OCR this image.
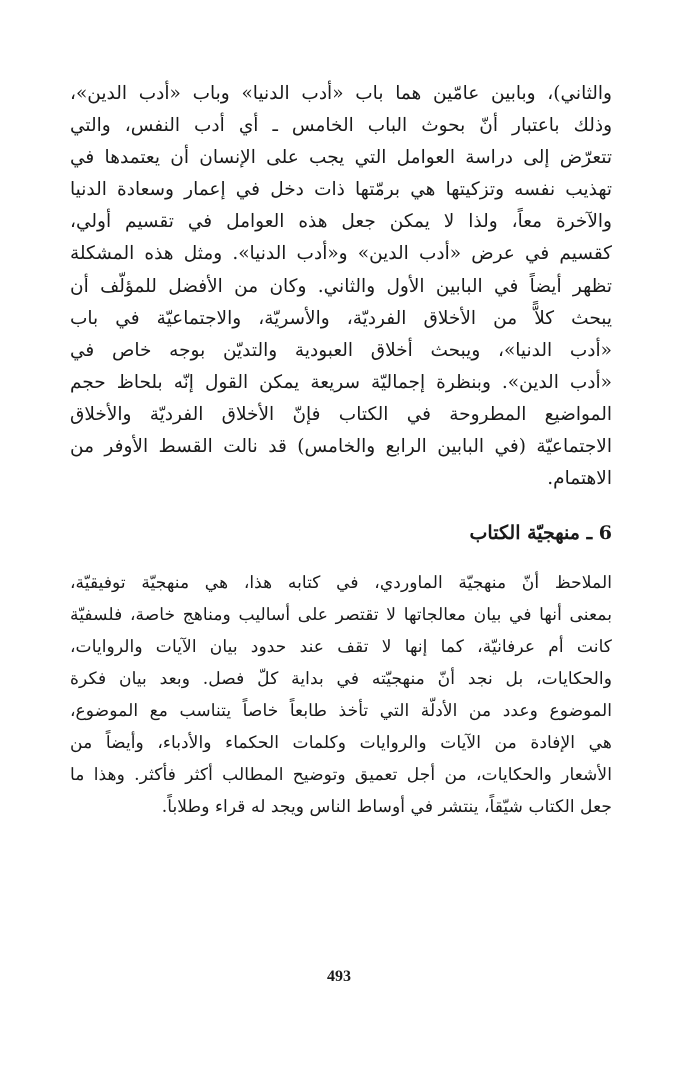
والثاني)، وبابين عامّين هما باب «أدب الدنيا» وباب «أدب الدين»،
وذلك باعتبار أنّ بحوث الباب الخامس ـ أي أدب النفس، والتي
تتعرّض إلى دراسة العوامل التي يجب على الإنسان أن يعتمدها في
تهذيب نفسه وتزكيتها هي برمّتها ذات دخل في إعمار وسعادة الدنيا
والآخرة معاً، ولذا لا يمكن جعل هذه العوامل في تقسيم أولي،
كقسيم في عرض «أدب الدين» و«أدب الدنيا». ومثل هذه المشكلة
تظهر أيضاً في البابين الأول والثاني. وكان من الأفضل للمؤلّف أن
يبحث كلاًّ من الأخلاق الفرديّة، والأسريّة، والاجتماعيّة في باب
«أدب الدنيا»، ويبحث أخلاق العبودية والتديّن بوجه خاص في
«أدب الدين». وبنظرة إجماليّة سريعة يمكن القول إنّه بلحاظ حجم
المواضيع المطروحة في الكتاب فإنّ الأخلاق الفرديّة والأخلاق
الاجتماعيّة (في البابين الرابع والخامس) قد نالت القسط الأوفر من
الاهتمام.
6 ـ منهجيّة الكتاب
الملاحظ أنّ منهجيّة الماوردي، في كتابه هذا، هي منهجيّة توفيقيّة،
بمعنى أنها في بيان معالجاتها لا تقتصر على أساليب ومناهج خاصة، فلسفيّة
كانت أم عرفانيّة، كما إنها لا تقف عند حدود بيان الآيات والروايات،
والحكايات، بل نجد أنّ منهجيّته في بداية كلّ فصل. وبعد بيان فكرة
الموضوع وعدد من الأدلّة التي تأخذ طابعاً خاصاً يتناسب مع الموضوع،
هي الإفادة من الآيات والروايات وكلمات الحكماء والأدباء، وأيضاً من
الأشعار والحكايات، من أجل تعميق وتوضيح المطالب أكثر فأكثر. وهذا ما
جعل الكتاب شيّقاً، ينتشر في أوساط الناس ويجد له قراء وطلاباً.
493
